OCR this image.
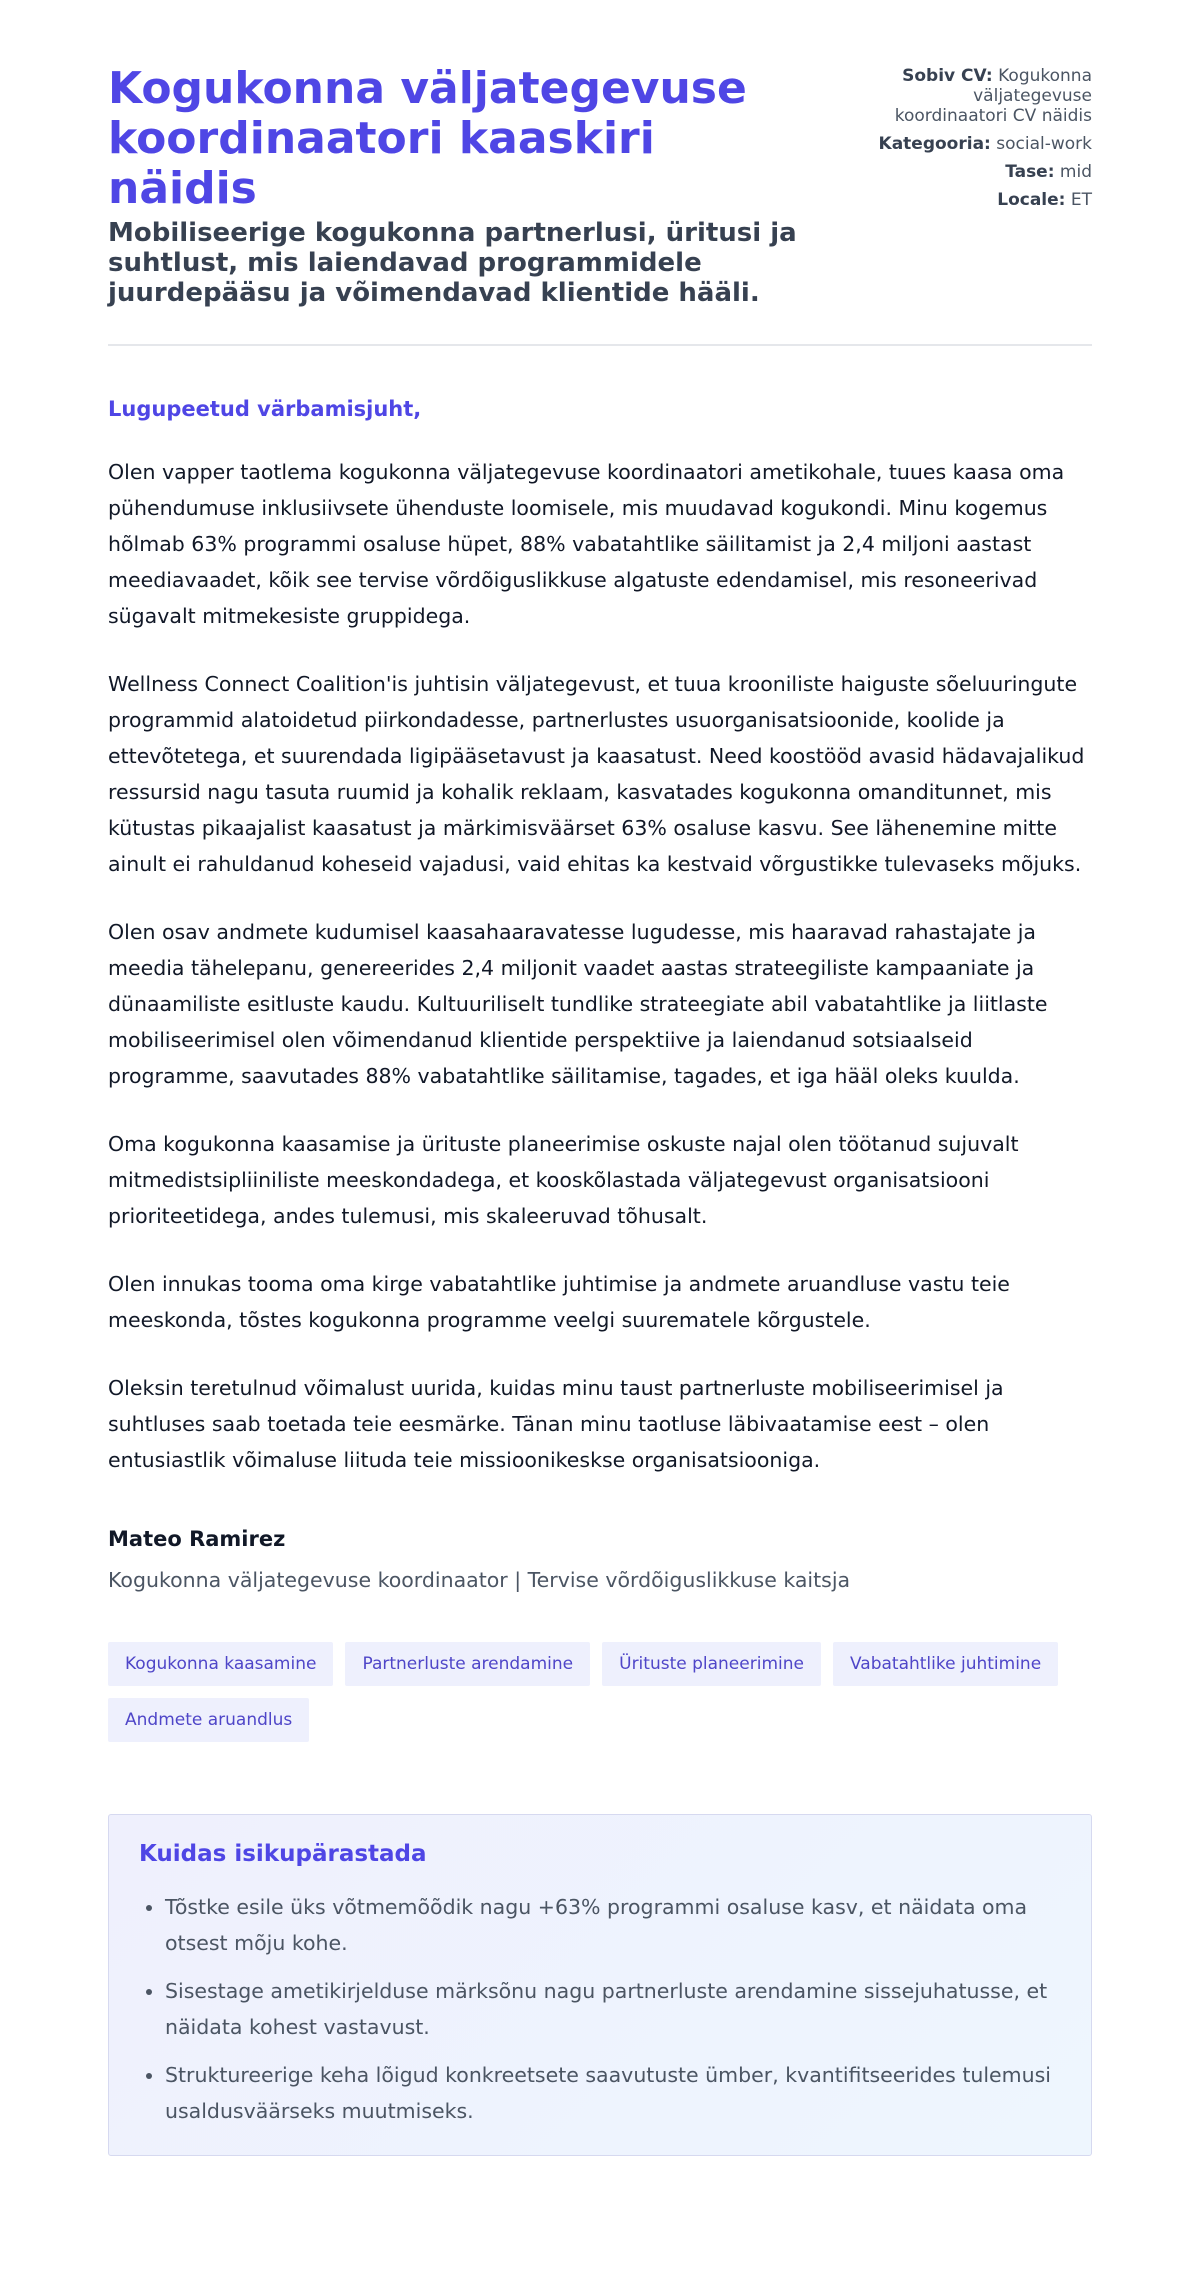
Kogukonna väljategevuse koordinaatori kaaskiri näidis
Mobiliseerige kogukonna partnerlusi, üritusi ja suhtlust, mis laiendavad programmidele juurdepääsu ja võimendavad klientide hääli.
Sobiv CV: Kogukonna väljategevuse koordinaatori CV näidis
Kategooria: social-work
Tase: mid
Locale: ET

Lugupeetud värbamisjuht,

Olen vapper taotlema kogukonna väljategevuse koordinaatori ametikohale, tuues kaasa oma pühendumuse inklusiivsete ühenduste loomisele, mis muudavad kogukondi. Minu kogemus hõlmab 63% programmi osaluse hüpet, 88% vabatahtlike säilitamist ja 2,4 miljoni aastast meediavaadet, kõik see tervise võrdõiguslikkuse algatuste edendamisel, mis resoneerivad sügavalt mitmekesiste gruppidega.

Wellness Connect Coalition'is juhtisin väljategevust, et tuua krooniliste haiguste sõeluuringute programmid alatoidetud piirkondadesse, partnerlustes usuorganisatsioonide, koolide ja ettevõtetega, et suurendada ligipääsetavust ja kaasatust. Need koostööd avasid hädavajalikud ressursid nagu tasuta ruumid ja kohalik reklaam, kasvatades kogukonna omanditunnet, mis kütustas pikaajalist kaasatust ja märkimisväärset 63% osaluse kasvu. See lähenemine mitte ainult ei rahuldanud koheseid vajadusi, vaid ehitas ka kestvaid võrgustikke tulevaseks mõjuks.

Olen osav andmete kudumisel kaasahaaravatesse lugudesse, mis haaravad rahastajate ja meedia tähelepanu, genereerides 2,4 miljonit vaadet aastas strateegiliste kampaaniate ja dünaamiliste esitluste kaudu. Kultuuriliselt tundlike strateegiate abil vabatahtlike ja liitlaste mobiliseerimisel olen võimendanud klientide perspektiive ja laiendanud sotsiaalseid programme, saavutades 88% vabatahtlike säilitamise, tagades, et iga hääl oleks kuulda.

Oma kogukonna kaasamise ja ürituste planeerimise oskuste najal olen töötanud sujuvalt mitmedistsipliiniliste meeskondadega, et kooskõlastada väljategevust organisatsiooni prioriteetidega, andes tulemusi, mis skaleeruvad tõhusalt.

Olen innukas tooma oma kirge vabatahtlike juhtimise ja andmete aruandluse vastu teie meeskonda, tõstes kogukonna programme veelgi suurematele kõrgustele.

Oleksin teretulnud võimalust uurida, kuidas minu taust partnerluste mobiliseerimisel ja suhtluses saab toetada teie eesmärke. Tänan minu taotluse läbivaatamise eest – olen entusiastlik võimaluse liituda teie missioonikeskse organisatsiooniga.

Mateo Ramirez
Kogukonna väljategevuse koordinaator | Tervise võrdõiguslikkuse kaitsja
Kogukonna kaasamine	Partnerluste arendamine	Ürituste planeerimine	Vabatahtlike juhtimine
Andmete aruandlus
Kuidas isikupärastada
• Tõstke esile üks võtmemõõdik nagu +63% programmi osaluse kasv, et näidata oma otsest mõju kohe.
• Sisestage ametikirjelduse märksõnu nagu partnerluste arendamine sissejuhatusse, et näidata kohest vastavust.
• Struktureerige keha lõigud konkreetsete saavutuste ümber, kvantifitseerides tulemusi usaldusväärseks muutmiseks.
